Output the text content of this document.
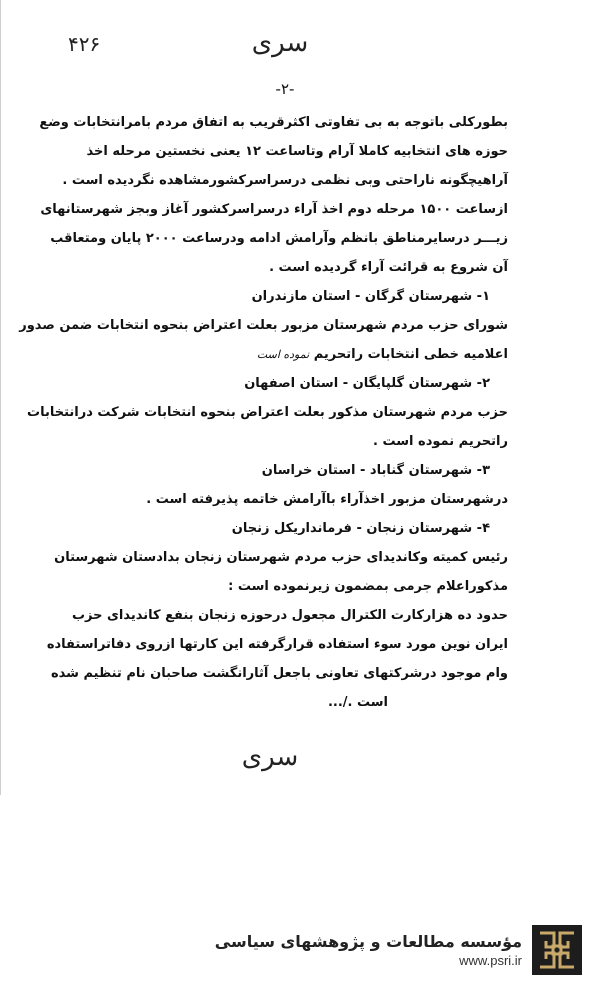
۴۲۶	سرى
-۲-
بطورکلی باتوجه به بی تفاوتی اکثرقریب به اتفاق مردم بامرانتخابات وضع
حوزه های انتخابیه کاملا آرام وتاساعت ۱۲ یعنی نخستین مرحله اخذ
آراهیچگونه ناراحتی وبی نظمی درسراسرکشورمشاهده نگردیده است .
ازساعت ۱۵۰۰ مرحله دوم اخذ آراء درسراسرکشور آغاز وبجز شهرستانهای
زیـــر درسایرمناطق بانظم وآرامش ادامه ودرساعت ۲۰۰۰ پایان ومتعاقب
آن شروع به قرائت آراء گردیده است .
۱- شهرستان گرگان - استان مازندران
شورای حزب مردم شهرستان مزبور بعلت اعتراض بنحوه انتخابات ضمن صدور
اعلامیه خطی انتخابات راتحریم نموده است
۲- شهرستان گلپایگان - استان اصفهان
حزب مردم شهرستان مذکور بعلت اعتراض بنحوه انتخابات شرکت درانتخابات
راتحریم نموده است .
۳- شهرستان گناباد - استان خراسان
درشهرستان مزبور اخذآراء باآرامش خاتمه پذیرفته است .
۴- شهرستان زنجان - فرمانداریکل زنجان
رئیس کمیته وکاندیدای حزب مردم شهرستان زنجان بدادستان شهرستان
مذکوراعلام جرمی بمضمون زیرنموده است :
حدود ده هزارکارت الکترال مجعول درحوزه زنجان بنفع کاندیدای حزب
ایران نوین مورد سوء استفاده قرارگرفته این کارتها ازروی دفاتراستفاده
وام موجود درشرکتهای تعاونی باجعل آثارانگشت صاحبان نام تنظیم شده
است ./...
سرى
مؤسسه مطالعات و پژوهشهای سیاسی
www.psri.ir
